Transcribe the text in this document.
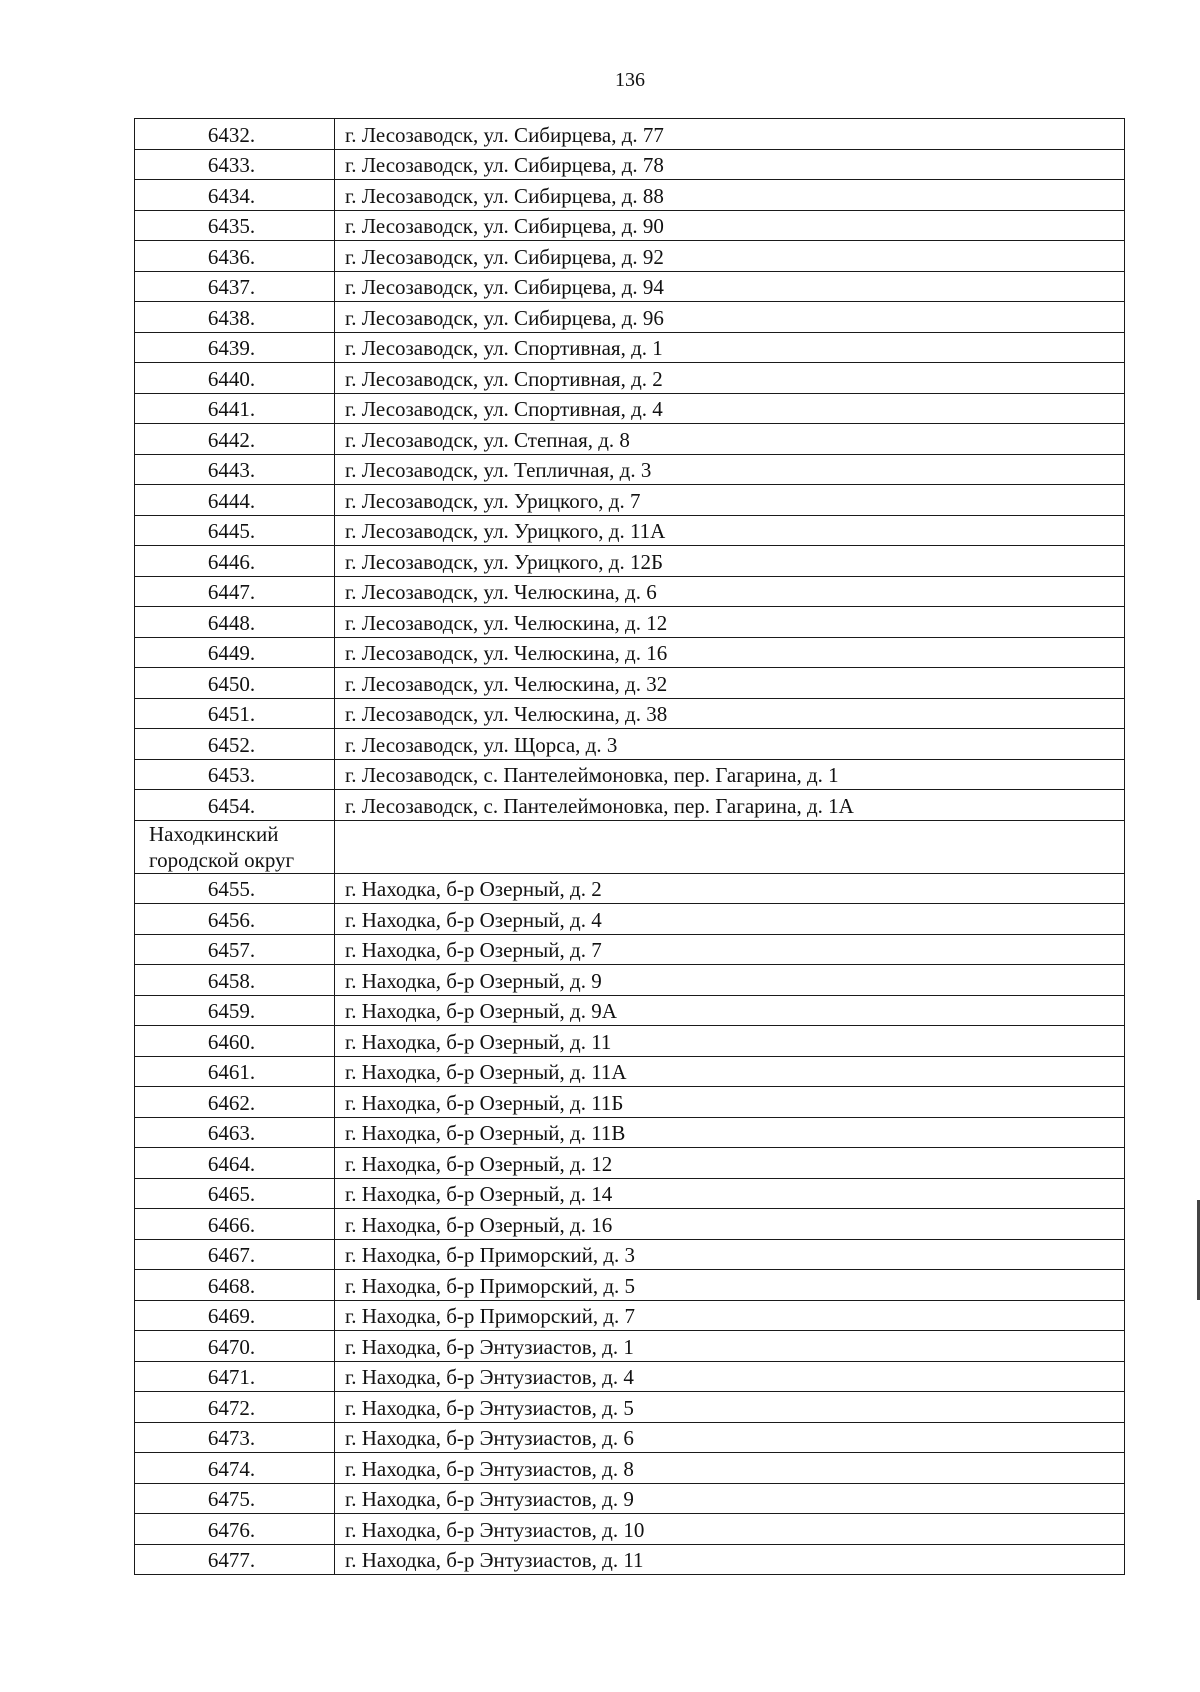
136
6432.	г. Лесозаводск, ул. Сибирцева, д. 77
6433.	г. Лесозаводск, ул. Сибирцева, д. 78
6434.	г. Лесозаводск, ул. Сибирцева, д. 88
6435.	г. Лесозаводск, ул. Сибирцева, д. 90
6436.	г. Лесозаводск, ул. Сибирцева, д. 92
6437.	г. Лесозаводск, ул. Сибирцева, д. 94
6438.	г. Лесозаводск, ул. Сибирцева, д. 96
6439.	г. Лесозаводск, ул. Спортивная, д. 1
6440.	г. Лесозаводск, ул. Спортивная, д. 2
6441.	г. Лесозаводск, ул. Спортивная, д. 4
6442.	г. Лесозаводск, ул. Степная, д. 8
6443.	г. Лесозаводск, ул. Тепличная, д. 3
6444.	г. Лесозаводск, ул. Урицкого, д. 7
6445.	г. Лесозаводск, ул. Урицкого, д. 11А
6446.	г. Лесозаводск, ул. Урицкого, д. 12Б
6447.	г. Лесозаводск, ул. Челюскина, д. 6
6448.	г. Лесозаводск, ул. Челюскина, д. 12
6449.	г. Лесозаводск, ул. Челюскина, д. 16
6450.	г. Лесозаводск, ул. Челюскина, д. 32
6451.	г. Лесозаводск, ул. Челюскина, д. 38
6452.	г. Лесозаводск, ул. Щорса, д. 3
6453.	г. Лесозаводск, с. Пантелеймоновка, пер. Гагарина, д. 1
6454.	г. Лесозаводск, с. Пантелеймоновка, пер. Гагарина, д. 1А

Находкинский
городской округ	

6455.	г. Находка, б-р Озерный, д. 2
6456.	г. Находка, б-р Озерный, д. 4
6457.	г. Находка, б-р Озерный, д. 7
6458.	г. Находка, б-р Озерный, д. 9
6459.	г. Находка, б-р Озерный, д. 9А
6460.	г. Находка, б-р Озерный, д. 11
6461.	г. Находка, б-р Озерный, д. 11А
6462.	г. Находка, б-р Озерный, д. 11Б
6463.	г. Находка, б-р Озерный, д. 11В
6464.	г. Находка, б-р Озерный, д. 12
6465.	г. Находка, б-р Озерный, д. 14
6466.	г. Находка, б-р Озерный, д. 16
6467.	г. Находка, б-р Приморский, д. 3
6468.	г. Находка, б-р Приморский, д. 5
6469.	г. Находка, б-р Приморский, д. 7
6470.	г. Находка, б-р Энтузиастов, д. 1
6471.	г. Находка, б-р Энтузиастов, д. 4
6472.	г. Находка, б-р Энтузиастов, д. 5
6473.	г. Находка, б-р Энтузиастов, д. 6
6474.	г. Находка, б-р Энтузиастов, д. 8
6475.	г. Находка, б-р Энтузиастов, д. 9
6476.	г. Находка, б-р Энтузиастов, д. 10
6477.	г. Находка, б-р Энтузиастов, д. 11
